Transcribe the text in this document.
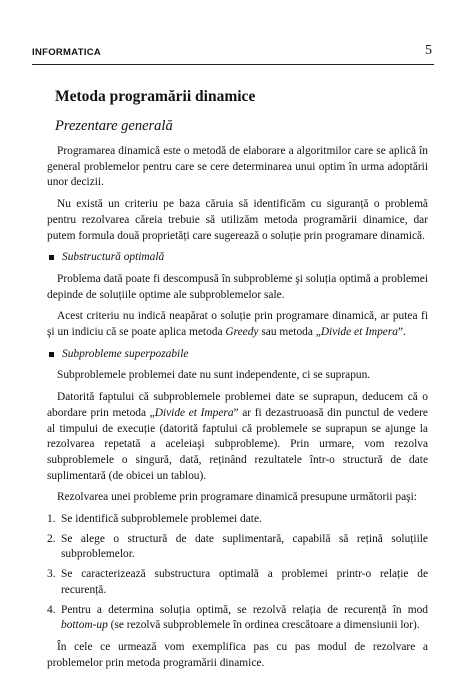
INFORMATICA	5
Metoda programării dinamice
Prezentare generală

Programarea dinamică este o metodă de elaborare a algoritmilor care se aplică în general problemelor pentru care se cere determinarea unui optim în urma adoptării unor decizii.

Nu există un criteriu pe baza căruia să identificăm cu siguranță o problemă pentru rezolvarea căreia trebuie să utilizăm metoda programării dinamice, dar putem formula două proprietăți care sugerează o soluție prin programare dinamică.

Substructură optimală

Problema dată poate fi descompusă în subprobleme şi soluția optimă a problemei depinde de soluțiile optime ale subproblemelor sale.

Acest criteriu nu indică neapărat o soluție prin programare dinamică, ar putea fi şi un indiciu că se poate aplica metoda Greedy sau metoda „Divide et Impera”.

Subprobleme superpozabile

Subproblemele problemei date nu sunt independente, ci se suprapun.

Datorită faptului că subproblemele problemei date se suprapun, deducem că o abordare prin metoda „Divide et Impera” ar fi dezastruoasă din punctul de vedere al timpului de execuție (datorită faptului că problemele se suprapun se ajunge la rezolvarea repetată a aceleiaşi subprobleme). Prin urmare, vom rezolva subproblemele o singură, dată, reținând rezultatele într-o structură de date suplimentară (de obicei un tablou).

Rezolvarea unei probleme prin programare dinamică presupune următorii paşi:

1. Se identifică subproblemele problemei date.
2. Se alege o structură de date suplimentară, capabilă să rețină soluțiile subproblemelor.
3. Se caracterizează substructura optimală a problemei printr-o relație de recurență.
4. Pentru a determina soluția optimă, se rezolvă relația de recurență în mod bottom-up (se rezolvă subproblemele în ordinea crescătoare a dimensiunii lor).

În cele ce urmează vom exemplifica pas cu pas modul de rezolvare a problemelor prin metoda programării dinamice.
